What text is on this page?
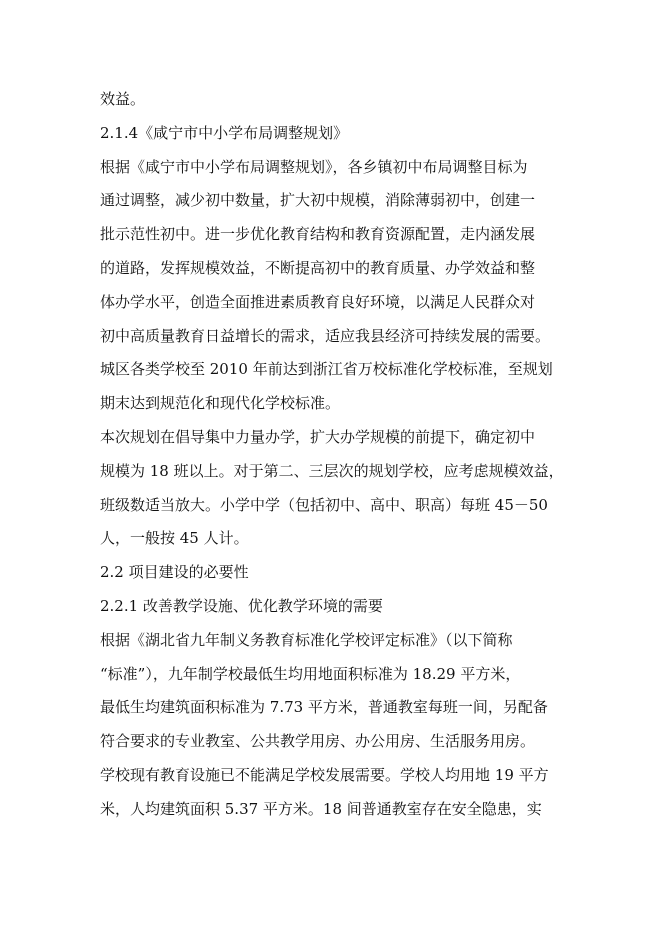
效益。
2.1.4《咸宁市中小学布局调整规划》
根据《咸宁市中小学布局调整规划》，各乡镇初中布局调整目标为
通过调整，减少初中数量，扩大初中规模，消除薄弱初中，创建一
批示范性初中。进一步优化教育结构和教育资源配置，走内涵发展
的道路，发挥规模效益，不断提高初中的教育质量、办学效益和整
体办学水平，创造全面推进素质教育良好环境，以满足人民群众对
初中高质量教育日益增长的需求，适应我县经济可持续发展的需要。
城区各类学校至 2010 年前达到浙江省万校标准化学校标准，至规划
期末达到规范化和现代化学校标准。
本次规划在倡导集中力量办学，扩大办学规模的前提下，确定初中
规模为 18 班以上。对于第二、三层次的规划学校，应考虑规模效益，
班级数适当放大。小学中学（包括初中、高中、职高）每班 45－50
人，一般按 45 人计。
2.2 项目建设的必要性
2.2.1 改善教学设施、优化教学环境的需要
根据《湖北省九年制义务教育标准化学校评定标准》（以下简称
“标准”），九年制学校最低生均用地面积标准为 18.29 平方米，
最低生均建筑面积标准为 7.73 平方米，普通教室每班一间，另配备
符合要求的专业教室、公共教学用房、办公用房、生活服务用房。
学校现有教育设施已不能满足学校发展需要。学校人均用地 19 平方
米，人均建筑面积 5.37 平方米。18 间普通教室存在安全隐患，实
